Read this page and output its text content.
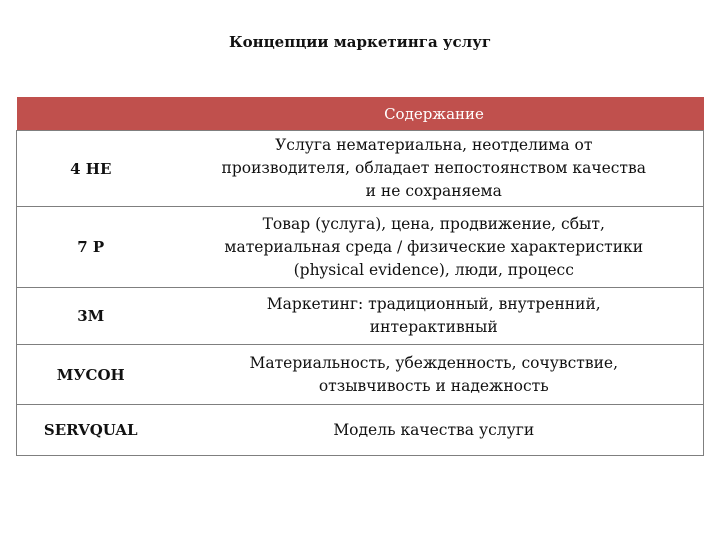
Концепции маркетинга услуг
	Содержание
4 НЕ	Услуга нематериальна, неотделима от
производителя, обладает непостоянством качества
и не сохраняема

7 Р	Товар (услуга), цена, продвижение, сбыт,
материальная среда / физические характеристики
(physical evidence), люди, процесс

3М	Маркетинг: традиционный, внутренний,
интерактивный

МУСОН	Материальность, убежденность, сочувствие,
отзывчивость и надежность

SERVQUAL	Модель качества услуги
